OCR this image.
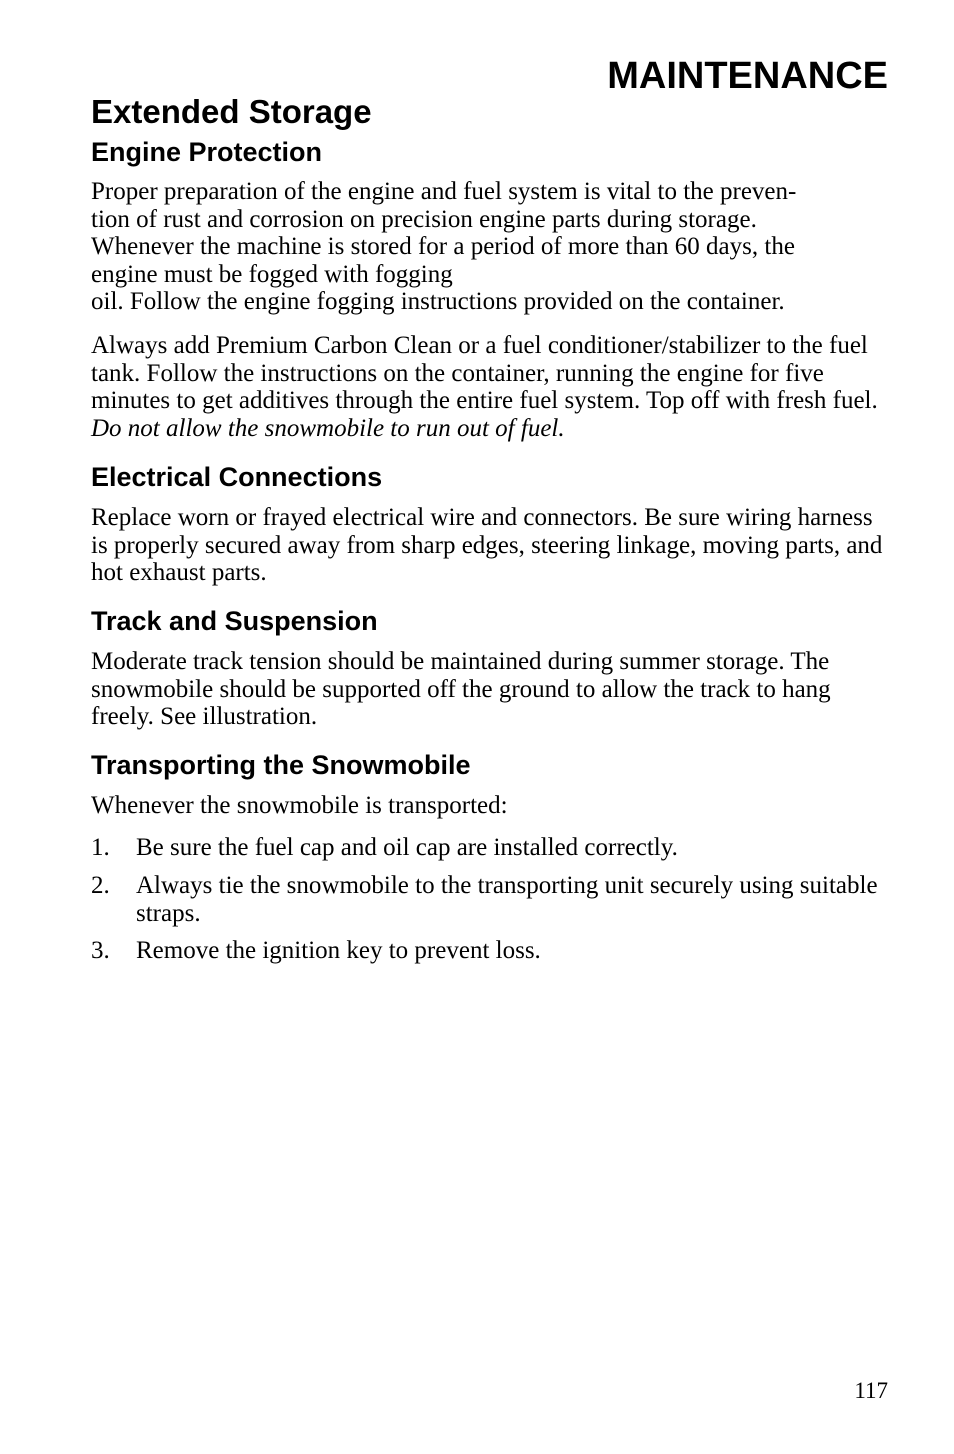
MAINTENANCE
Extended Storage
Engine Protection

Proper preparation of the engine and fuel system is vital to the preven-
tion of rust and corrosion on precision engine parts during storage.
Whenever the machine is stored for a period of more than 60 days, the
engine must be fogged with fogging
oil. Follow the engine fogging instructions provided on the container.

Always add Premium Carbon Clean or a fuel conditioner/stabilizer to the fuel tank. Follow the instructions on the container, running the engine for five minutes to get additives through the entire fuel system. Top off with fresh fuel. Do not allow the snowmobile to run out of fuel.

Electrical Connections

Replace worn or frayed electrical wire and connectors. Be sure wiring harness is properly secured away from sharp edges, steering linkage, moving parts, and hot exhaust parts.

Track and Suspension

Moderate track tension should be maintained during summer storage. The snowmobile should be supported off the ground to allow the track to hang freely. See illustration.

Transporting the Snowmobile

Whenever the snowmobile is transported:

1. Be sure the fuel cap and oil cap are installed correctly.
2. Always tie the snowmobile to the transporting unit securely using suitable straps.
3. Remove the ignition key to prevent loss.

117
